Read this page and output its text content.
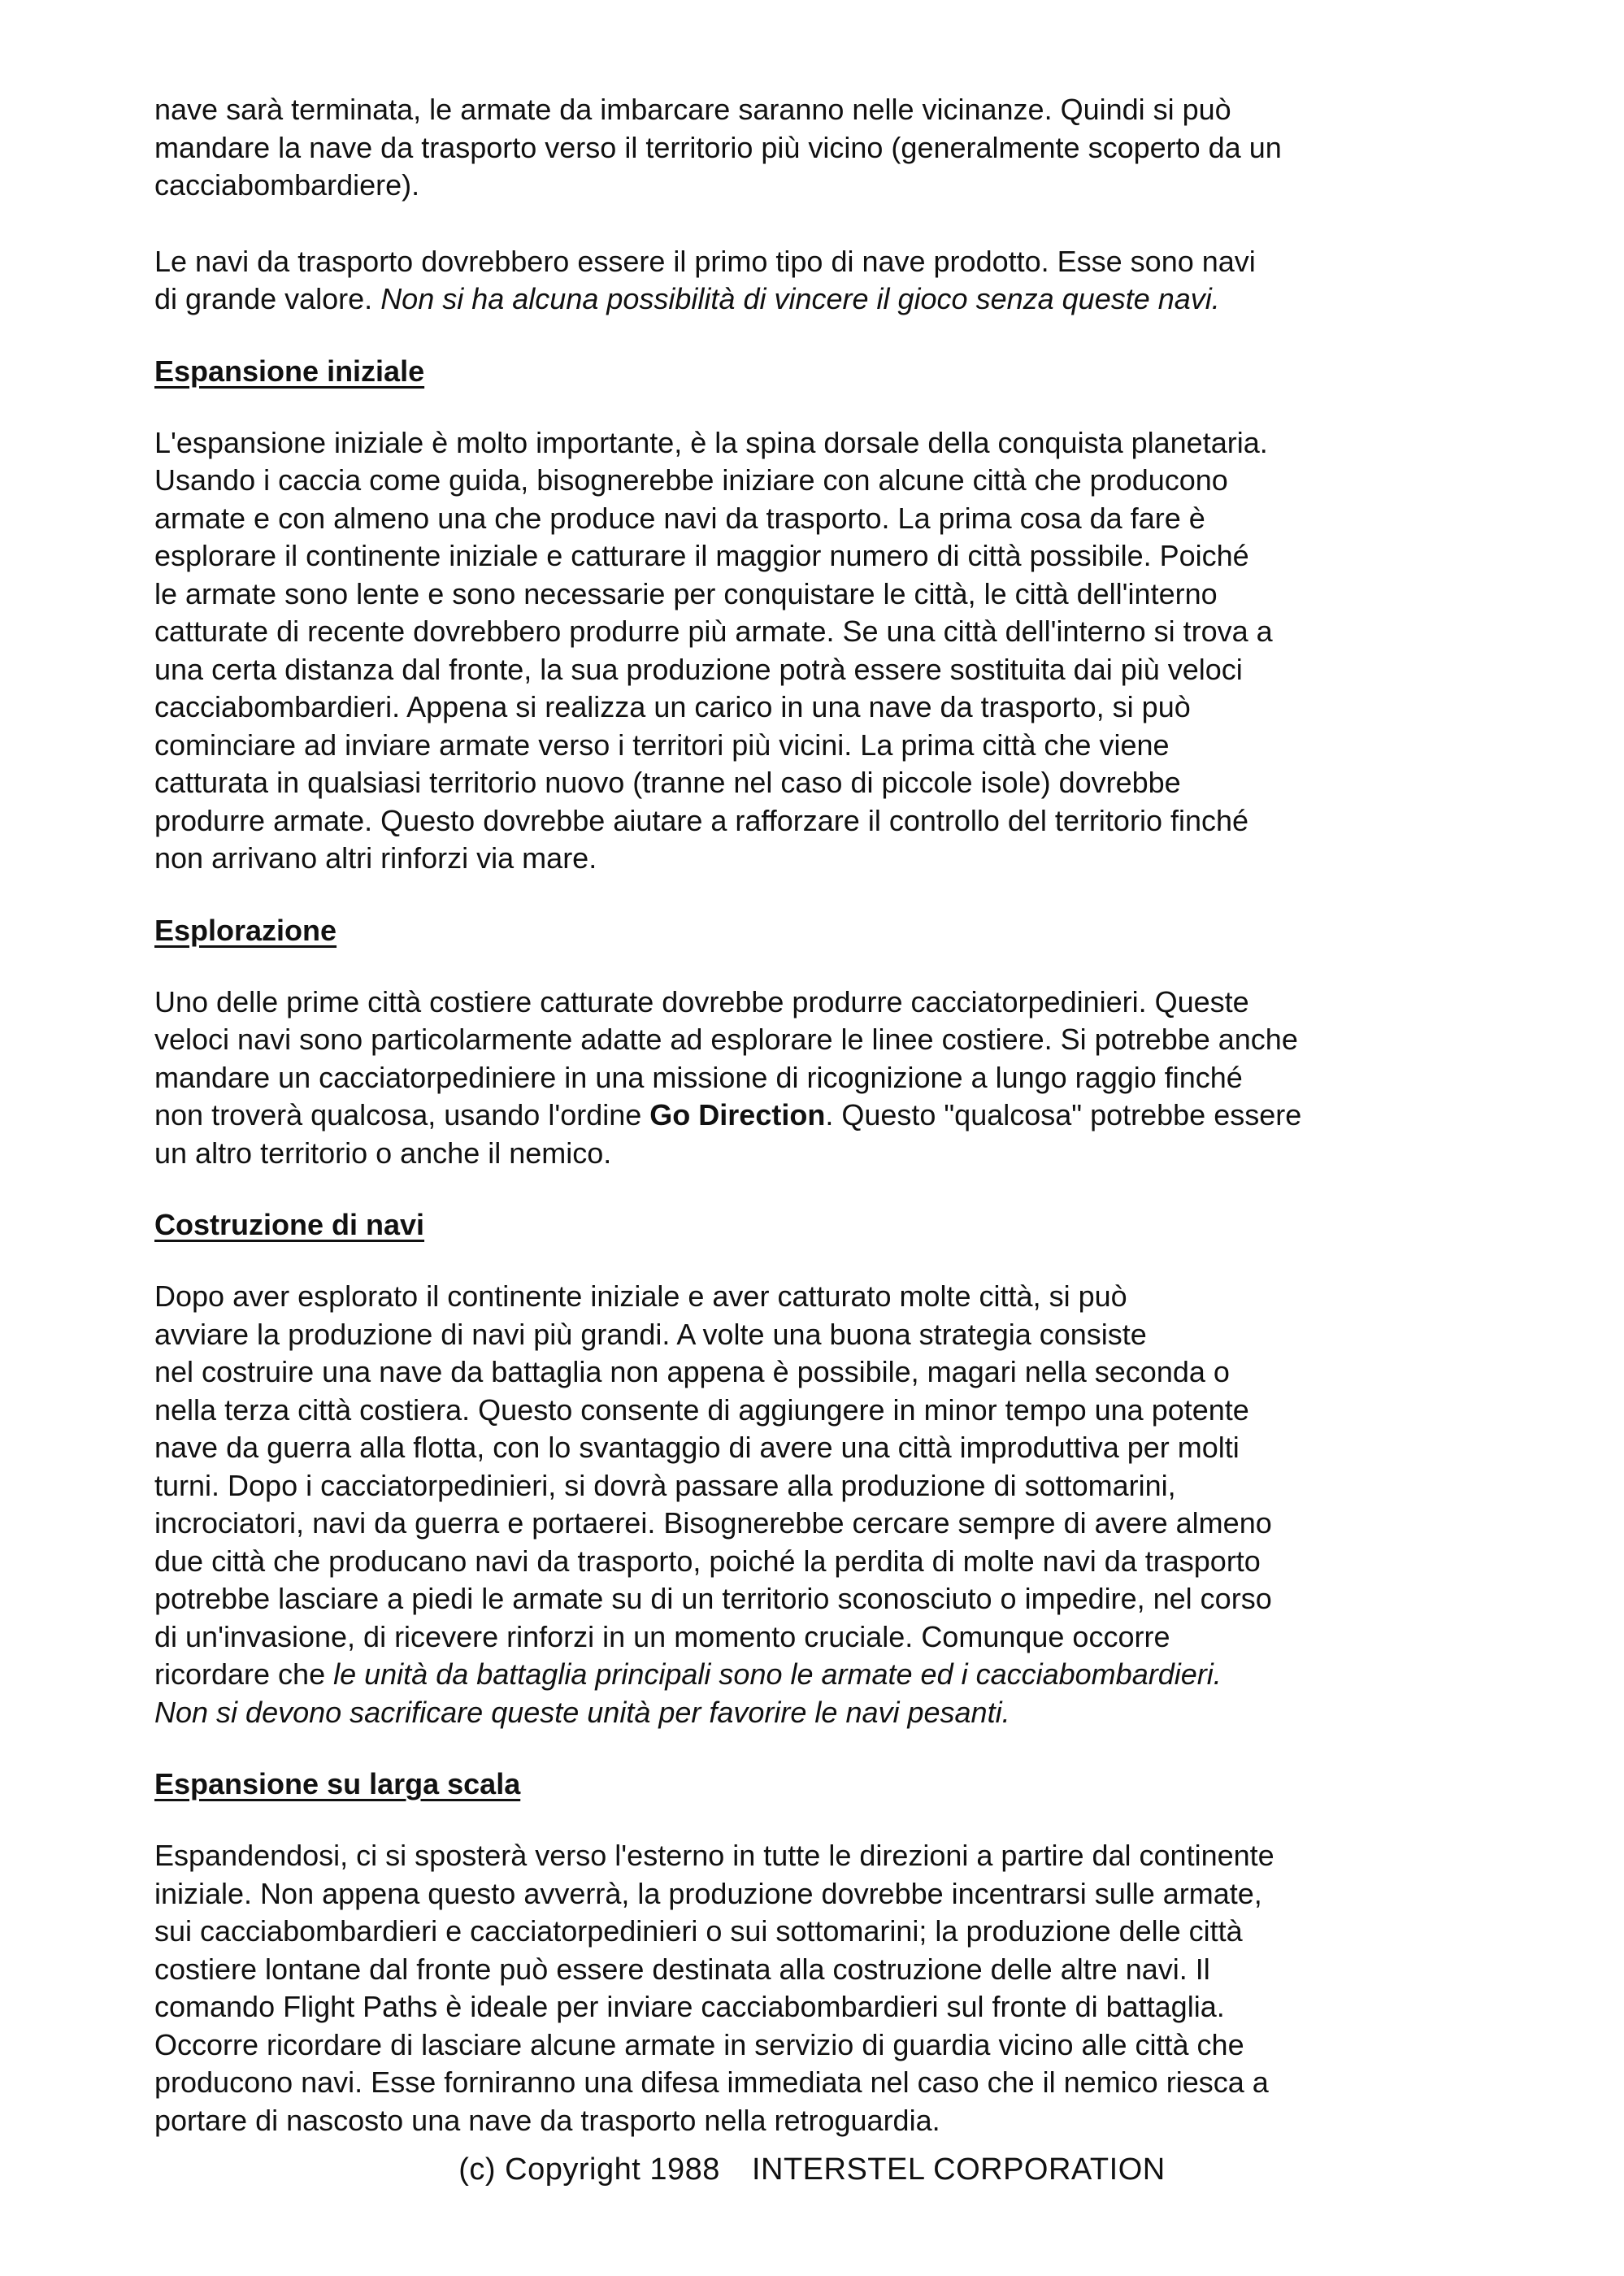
nave sarà terminata, le armate da imbarcare saranno nelle vicinanze. Quindi si può
mandare la nave da trasporto verso il territorio più vicino (generalmente scoperto da un
cacciabombardiere).

Le navi da trasporto dovrebbero essere il primo tipo di nave prodotto. Esse sono navi
di grande valore. Non si ha alcuna possibilità di vincere il gioco senza queste navi.

Espansione iniziale

L'espansione iniziale è molto importante, è la spina dorsale della conquista planetaria.
Usando i caccia come guida, bisognerebbe iniziare con alcune città che producono
armate e con almeno una che produce navi da trasporto. La prima cosa da fare è
esplorare il continente iniziale e catturare il maggior numero di città possibile. Poiché
le armate sono lente e sono necessarie per conquistare le città, le città dell'interno
catturate di recente dovrebbero produrre più armate. Se una città dell'interno si trova a
una certa distanza dal fronte, la sua produzione potrà essere sostituita dai più veloci
cacciabombardieri. Appena si realizza un carico in una nave da trasporto, si può
cominciare ad inviare armate verso i territori più vicini. La prima città che viene
catturata in qualsiasi territorio nuovo (tranne nel caso di piccole isole) dovrebbe
produrre armate. Questo dovrebbe aiutare a rafforzare il controllo del territorio finché
non arrivano altri rinforzi via mare.

Esplorazione

Uno delle prime città costiere catturate dovrebbe produrre cacciatorpedinieri. Queste
veloci navi sono particolarmente adatte ad esplorare le linee costiere. Si potrebbe anche
mandare un cacciatorpediniere in una missione di ricognizione a lungo raggio finché
non troverà qualcosa, usando l'ordine Go Direction. Questo "qualcosa" potrebbe essere
un altro territorio o anche il nemico.

Costruzione di navi

Dopo aver esplorato il continente iniziale e aver catturato molte città, si può
avviare la produzione di navi più grandi. A volte una buona strategia consiste
nel costruire una nave da battaglia non appena è possibile, magari nella seconda o
nella terza città costiera. Questo consente di aggiungere in minor tempo una potente
nave da guerra alla flotta, con lo svantaggio di avere una città improduttiva per molti
turni. Dopo i cacciatorpedinieri, si dovrà passare alla produzione di sottomarini,
incrociatori, navi da guerra e portaerei. Bisognerebbe cercare sempre di avere almeno
due città che producano navi da trasporto, poiché la perdita di molte navi da trasporto
potrebbe lasciare a piedi le armate su di un territorio sconosciuto o impedire, nel corso
di un'invasione, di ricevere rinforzi in un momento cruciale. Comunque occorre
ricordare che le unità da battaglia principali sono le armate ed i cacciabombardieri.
Non si devono sacrificare queste unità per favorire le navi pesanti.

Espansione su larga scala

Espandendosi, ci si sposterà verso l'esterno in tutte le direzioni a partire dal continente
iniziale. Non appena questo avverrà, la produzione dovrebbe incentrarsi sulle armate,
sui cacciabombardieri e cacciatorpedinieri o sui sottomarini; la produzione delle città
costiere lontane dal fronte può essere destinata alla costruzione delle altre navi. Il
comando Flight Paths è ideale per inviare cacciabombardieri sul fronte di battaglia.
Occorre ricordare di lasciare alcune armate in servizio di guardia vicino alle città che
producono navi. Esse forniranno una difesa immediata nel caso che il nemico riesca a
portare di nascosto una nave da trasporto nella retroguardia.

(c) Copyright 1988 INTERSTEL CORPORATION
